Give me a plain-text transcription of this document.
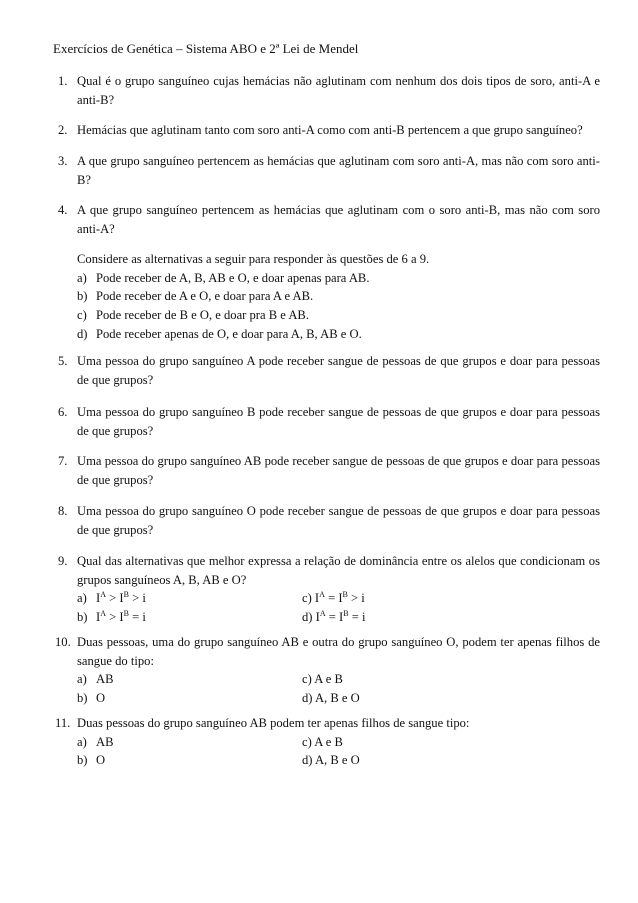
Exercícios de Genética – Sistema ABO e 2ª Lei de Mendel
1. Qual é o grupo sanguíneo cujas hemácias não aglutinam com nenhum dos dois tipos de soro, anti-A e anti-B?
2. Hemácias que aglutinam tanto com soro anti-A como com anti-B pertencem a que grupo sanguíneo?
3. A que grupo sanguíneo pertencem as hemácias que aglutinam com soro anti-A, mas não com soro anti-B?
4. A que grupo sanguíneo pertencem as hemácias que aglutinam com o soro anti-B, mas não com soro anti-A?
Considere as alternativas a seguir para responder às questões de 6 a 9.
a) Pode receber de A, B, AB e O, e doar apenas para AB.
b) Pode receber de A e O, e doar para A e AB.
c) Pode receber de B e O, e doar pra B e AB.
d) Pode receber apenas de O, e doar para A, B, AB e O.
5. Uma pessoa do grupo sanguíneo A pode receber sangue de pessoas de que grupos e doar para pessoas de que grupos?
6. Uma pessoa do grupo sanguíneo B pode receber sangue de pessoas de que grupos e doar para pessoas de que grupos?
7. Uma pessoa do grupo sanguíneo AB pode receber sangue de pessoas de que grupos e doar para pessoas de que grupos?
8. Uma pessoa do grupo sanguíneo O pode receber sangue de pessoas de que grupos e doar para pessoas de que grupos?
9. Qual das alternativas que melhor expressa a relação de dominância entre os alelos que condicionam os grupos sanguíneos A, B, AB e O?
a) $I^A > I^B > i$	c) $I^A = I^B > i$
b) $I^A > I^B = i$	d) $I^A = I^B = i$
10. Duas pessoas, uma do grupo sanguíneo AB e outra do grupo sanguíneo O, podem ter apenas filhos de sangue do tipo:
a) AB	c) A e B
b) O	d) A, B e O
11. Duas pessoas do grupo sanguíneo AB podem ter apenas filhos de sangue tipo:
a) AB	c) A e B
b) O	d) A, B e O
